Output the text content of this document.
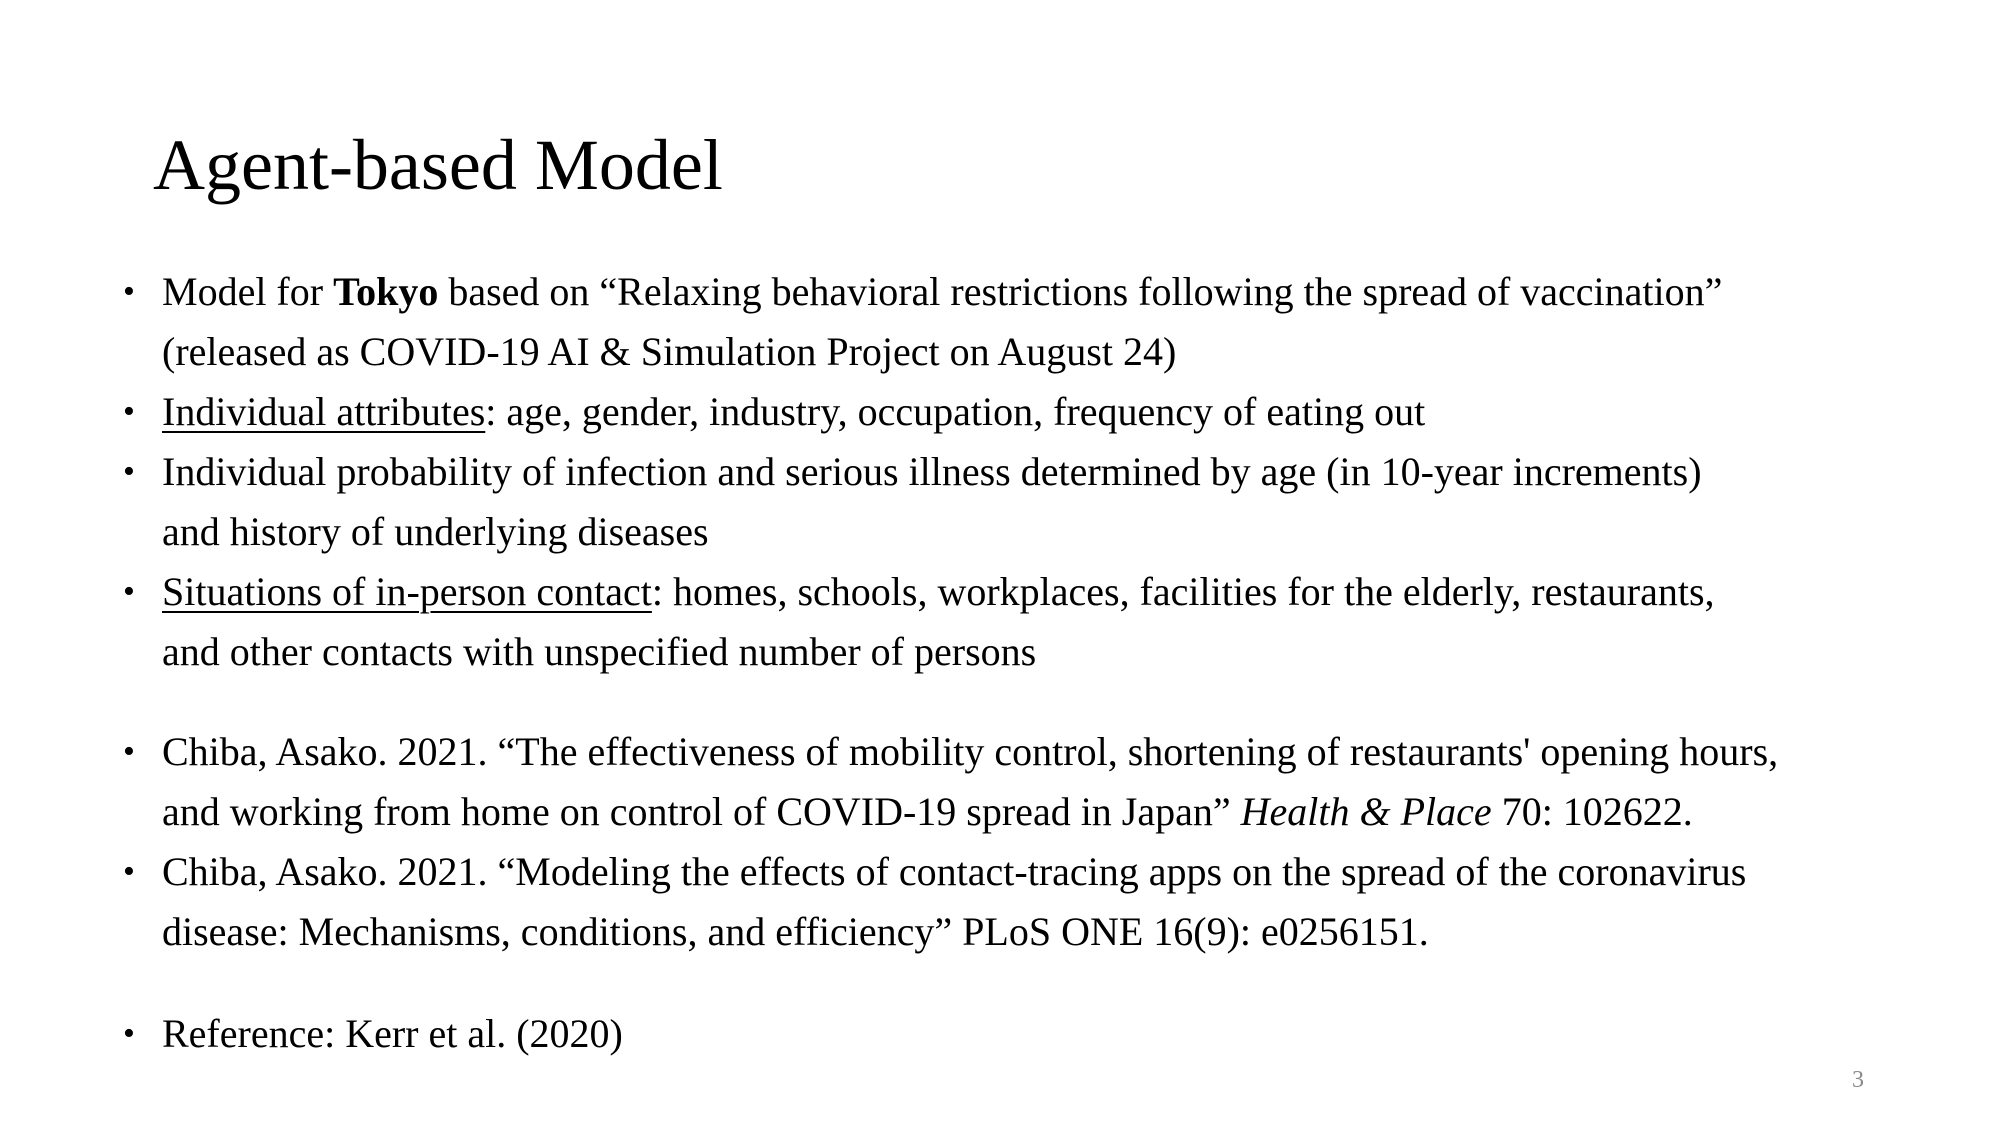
Agent-based Model
• Model for Tokyo based on “Relaxing behavioral restrictions following the spread of vaccination”
(released as COVID-19 AI & Simulation Project on August 24)
• Individual attributes: age, gender, industry, occupation, frequency of eating out
• Individual probability of infection and serious illness determined by age (in 10-year increments)
and history of underlying diseases
• Situations of in-person contact: homes, schools, workplaces, facilities for the elderly, restaurants,
and other contacts with unspecified number of persons
• Chiba, Asako. 2021. “The effectiveness of mobility control, shortening of restaurants' opening hours,
and working from home on control of COVID-19 spread in Japan” Health & Place 70: 102622.
• Chiba, Asako. 2021. “Modeling the effects of contact-tracing apps on the spread of the coronavirus
disease: Mechanisms, conditions, and efficiency” PLoS ONE 16(9): e0256151.
• Reference: Kerr et al. (2020)
3
